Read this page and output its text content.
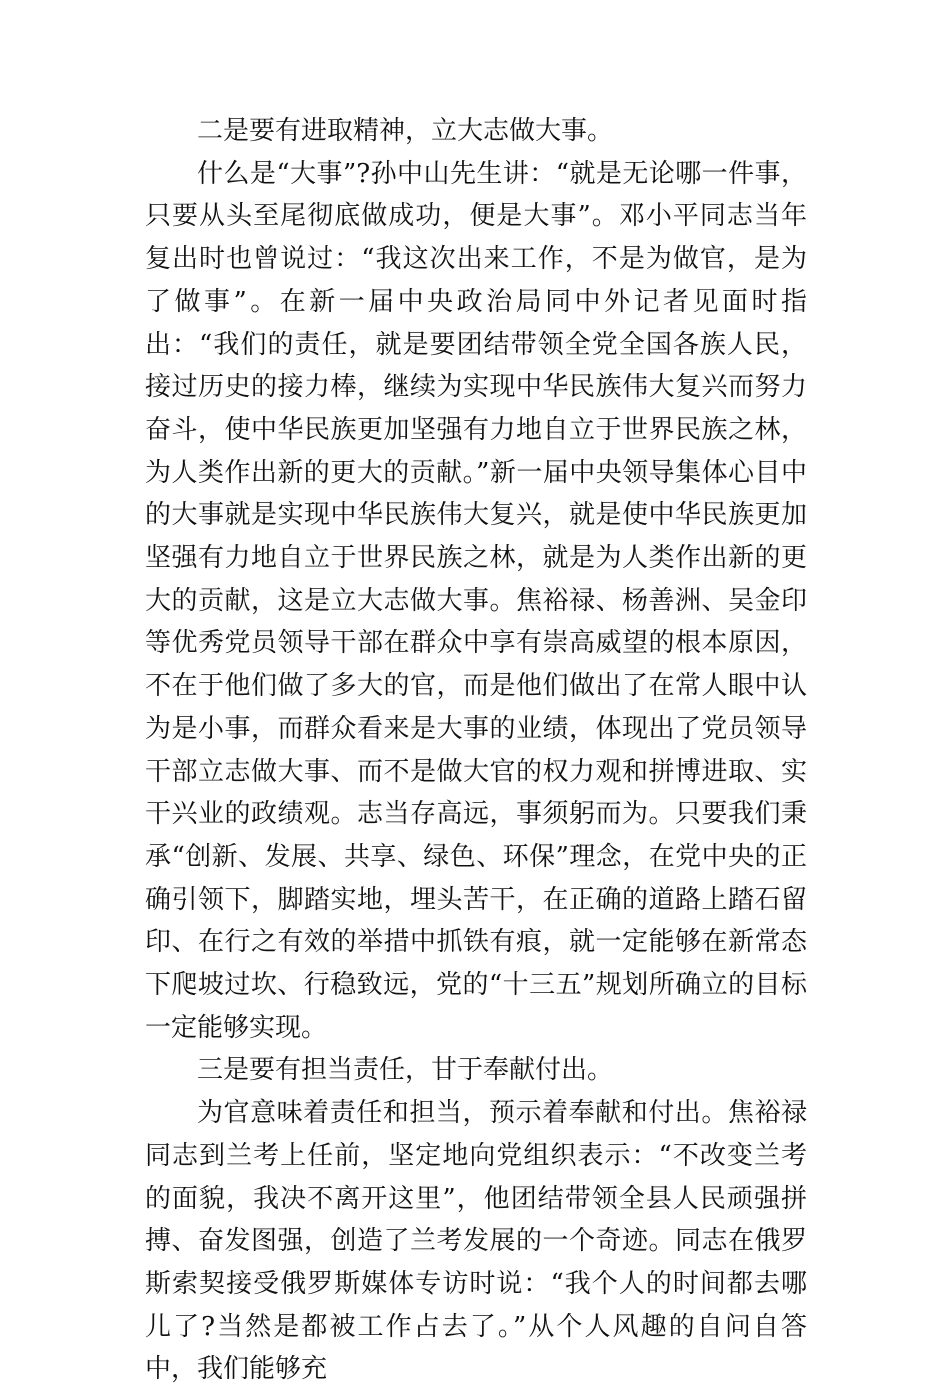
二是要有进取精神，立大志做大事。

什么是“大事”?孙中山先生讲：“就是无论哪一件事，只要从头至尾彻底做成功，便是大事”。邓小平同志当年复出时也曾说过：“我这次出来工作，不是为做官，是为了做事”。在新一届中央政治局同中外记者见面时指出：“我们的责任，就是要团结带领全党全国各族人民，接过历史的接力棒，继续为实现中华民族伟大复兴而努力奋斗，使中华民族更加坚强有力地自立于世界民族之林，为人类作出新的更大的贡献。”新一届中央领导集体心目中的大事就是实现中华民族伟大复兴，就是使中华民族更加坚强有力地自立于世界民族之林，就是为人类作出新的更大的贡献，这是立大志做大事。焦裕禄、杨善洲、吴金印等优秀党员领导干部在群众中享有崇高威望的根本原因，不在于他们做了多大的官，而是他们做出了在常人眼中认为是小事，而群众看来是大事的业绩，体现出了党员领导干部立志做大事、而不是做大官的权力观和拼博进取、实干兴业的政绩观。志当存高远，事须躬而为。只要我们秉承“创新、发展、共享、绿色、环保”理念，在党中央的正确引领下，脚踏实地，埋头苦干，在正确的道路上踏石留印、在行之有效的举措中抓铁有痕，就一定能够在新常态下爬坡过坎、行稳致远，党的“十三五”规划所确立的目标一定能够实现。

三是要有担当责任，甘于奉献付出。

为官意味着责任和担当，预示着奉献和付出。焦裕禄同志到兰考上任前，坚定地向党组织表示：“不改变兰考的面貌，我决不离开这里”，他团结带领全县人民顽强拼搏、奋发图强，创造了兰考发展的一个奇迹。同志在俄罗斯索契接受俄罗斯媒体专访时说：“我个人的时间都去哪儿了?当然是都被工作占去了。”从个人风趣的自问自答中，我们能够充
